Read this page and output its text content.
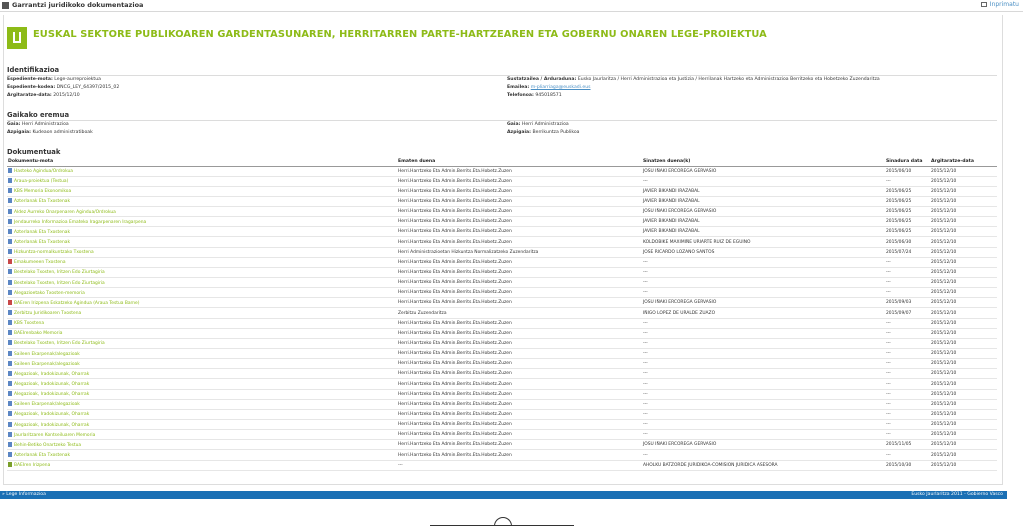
Garrantzi juridikoko dokumentazioa	Inprimatu
EUSKAL SEKTORE PUBLIKOAREN GARDENTASUNAREN, HERRITARREN PARTE-HARTZEAREN ETA GOBERNU ONAREN LEGE-PROIEKTUA
Identifikazioa
Espediente-mota: Lege-aurreproiektua
Espediente-kodea: DNCG_LEY_64397/2015_02
Argitaratze-data: 2015/12/10
Sustatzailea / Arduraduna: Eusko Jaurlaritza / Herri Administrazioa eta Justizia / Herrilanak Hartzeko eta Administrazioa Berritzeko eta Hobetzeko Zuzendaritza
Emailea: m-pliarriaga@euskadi.eus
Telefonoa: 945018571
Gaikako eremua
Gaia: Herri Administrazioa
Azpigaia: Kudeaon administratiboak
Gaia: Herri Administrazioa
Azpigaia: Berrikuntza Publikoa
Dokumentuak
Dokumentu-mota	Ematen duena	Sinatzen duena(k)	Sinadura data	Argitaratze-data
Hasteko Agindua/Ordrokua	Herri.Harrtzeko Eta Admin.Berrits.Eta.Hobetz.Zuzen	JOSU IÑAKI ERCOREGA GERVASIO	2015/06/10	2015/12/10
Araua-proiektua (Testua)	Herri.Harrtzeko Eta Admin.Berrits.Eta.Hobetz.Zuzen	---	---	2015/12/10
KBS Memoria Ekonomikoa	Herri.Harrtzeko Eta Admin.Berrits.Eta.Hobetz.Zuzen	JAVIER BIKANDI IRAZABAL	2015/06/25	2015/12/10
Azterlanak Eta Txostenak	Herri.Harrtzeko Eta Admin.Berrits.Eta.Hobetz.Zuzen	JAVIER BIKANDI IRAZABAL	2015/06/25	2015/12/10
Aldez Aurreko Onarpenaren Agindua/Ordrokua	Herri.Harrtzeko Eta Admin.Berrits.Eta.Hobetz.Zuzen	JOSU IÑAKI ERCOREGA GERVASIO	2015/06/25	2015/12/10
Jendaurreko Informazioa Emateko Iragarpenaren Iragarpena	Herri.Harrtzeko Eta Admin.Berrits.Eta.Hobetz.Zuzen	JAVIER BIKANDI IRAZABAL	2015/06/25	2015/12/10
Azterlanak Eta Txostenak	Herri.Harrtzeko Eta Admin.Berrits.Eta.Hobetz.Zuzen	JAVIER BIKANDI IRAZABAL	2015/06/25	2015/12/10
Azterlanak Eta Txostenak	Herri.Harrtzeko Eta Admin.Berrits.Eta.Hobetz.Zuzen	KOLDOBIKE MAXIMIÑE URIARTE RUIZ DE EGUINO	2015/06/30	2015/12/10
Hizkuntza-normalkuntzako Txostena	Herri Administrazioetan Hizkuntza Normalizatzeko Zuzendaritza	JOSE RICARDO LOZANO SANTOS	2015/07/24	2015/12/10
Emakumeeen Txostena	Herri.Harrtzeko Eta Admin.Berrits.Eta.Hobetz.Zuzen	---	---	2015/12/10
Bestelako Txosten, Iritzen Edo Ziurtagiria	Herri.Harrtzeko Eta Admin.Berrits.Eta.Hobetz.Zuzen	---	---	2015/12/10
Bestelako Txosten, Iritzen Edo Ziurtagiria	Herri.Harrtzeko Eta Admin.Berrits.Eta.Hobetz.Zuzen	---	---	2015/12/10
Alegazioetako Txosten-memoria	Herri.Harrtzeko Eta Admin.Berrits.Eta.Hobetz.Zuzen	---	---	2015/12/10
BAEren Irizpena Eskatzeko Agindua (Araua Testua Barne)	Herri.Harrtzeko Eta Admin.Berrits.Eta.Hobetz.Zuzen	JOSU IÑAKI ERCOREGA GERVASIO	2015/09/03	2015/12/10
Zerbitzu Juridikoaren Txostena	Zerbitzu Zuzendaritza	IÑIGO LOPEZ DE URALDE ZUAZO	2015/09/07	2015/12/10
KBS Txostena	Herri.Harrtzeko Eta Admin.Berrits.Eta.Hobetz.Zuzen	---	---	2015/12/10
BAEIrenbako Memoria	Herri.Harrtzeko Eta Admin.Berrits.Eta.Hobetz.Zuzen	---	---	2015/12/10
Bestelako Txosten, Iritzen Edo Ziurtagiria	Herri.Harrtzeko Eta Admin.Berrits.Eta.Hobetz.Zuzen	---	---	2015/12/10
Saileen Ekarpenak/alegazioak	Herri.Harrtzeko Eta Admin.Berrits.Eta.Hobetz.Zuzen	---	---	2015/12/10
Saileen Ekarpenak/alegazioak	Herri.Harrtzeko Eta Admin.Berrits.Eta.Hobetz.Zuzen	---	---	2015/12/10
Alegazioak, Iradokizunak, Oharrak	Herri.Harrtzeko Eta Admin.Berrits.Eta.Hobetz.Zuzen	---	---	2015/12/10
Alegazioak, Iradokizunak, Oharrak	Herri.Harrtzeko Eta Admin.Berrits.Eta.Hobetz.Zuzen	---	---	2015/12/10
Alegazioak, Iradokizunak, Oharrak	Herri.Harrtzeko Eta Admin.Berrits.Eta.Hobetz.Zuzen	---	---	2015/12/10
Saileen Ekarpenak/alegazioak	Herri.Harrtzeko Eta Admin.Berrits.Eta.Hobetz.Zuzen	---	---	2015/12/10
Alegazioak, Iradokizunak, Oharrak	Herri.Harrtzeko Eta Admin.Berrits.Eta.Hobetz.Zuzen	---	---	2015/12/10
Alegazioak, Iradokizunak, Oharrak	Herri.Harrtzeko Eta Admin.Berrits.Eta.Hobetz.Zuzen	---	---	2015/12/10
Jaurlaritzaren Kontseiluaren Memoria	Herri.Harrtzeko Eta Admin.Berrits.Eta.Hobetz.Zuzen	---	---	2015/12/10
Behin-Betiko Onartzeko Testua	Herri.Harrtzeko Eta Admin.Berrits.Eta.Hobetz.Zuzen	JOSU IÑAKI ERCOREGA GERVASIO	2015/11/05	2015/12/10
Azterlanak Eta Txostenak	Herri.Harrtzeko Eta Admin.Berrits.Eta.Hobetz.Zuzen	---	---	2015/12/10
BAEIren Irizpena	---	AHOLKU BATZORDE JURIDIKOA-COMISION JURIDICA ASESORA	2015/10/30	2015/12/10
» Lege Informazioa	Eusko Jaurlaritza 2011 - Gobierno Vasco
